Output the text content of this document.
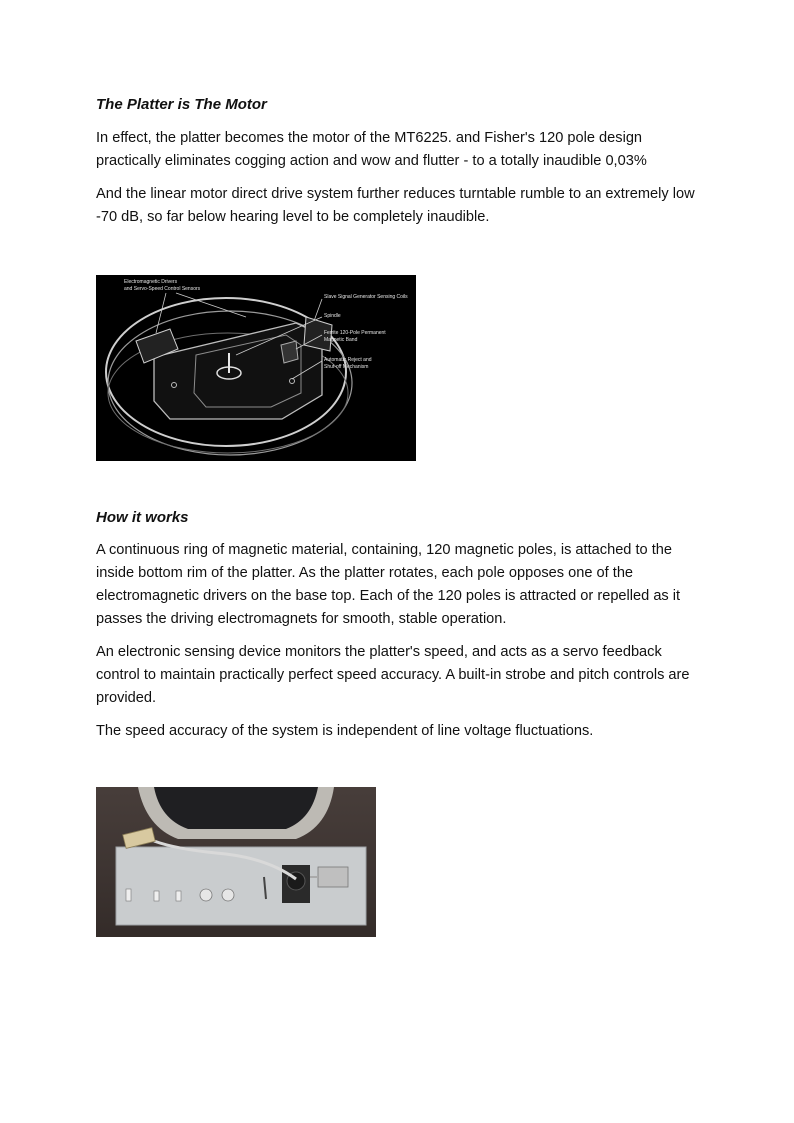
The Platter is The Motor

In effect, the platter becomes the motor of the MT6225. and Fisher's 120 pole design practically eliminates cogging action and wow and flutter - to a totally inaudible 0,03%

And the linear motor direct drive system further reduces turntable rumble to an extremely low -70 dB, so far below hearing level to be completely inaudible.

Electromagnetic Drivers
and Servo-Speed Control Sensors
Slave Signal Generator Sensing Coils
Spindle
Ferrite 120-Pole Permanent
Magnetic Band
Automatic Reject and
Shut-off Mechanism
How it works

A continuous ring of magnetic material, containing, 120 magnetic poles, is attached to the inside bottom rim of the platter. As the platter rotates, each pole opposes one of the electromagnetic drivers on the base top. Each of the 120 poles is attracted or repelled as it passes the driving electromagnets for smooth, stable operation.

An electronic sensing device monitors the platter's speed, and acts as a servo feedback control to maintain practically perfect speed accuracy. A built-in strobe and pitch controls are provided.

The speed accuracy of the system is independent of line voltage fluctuations.
